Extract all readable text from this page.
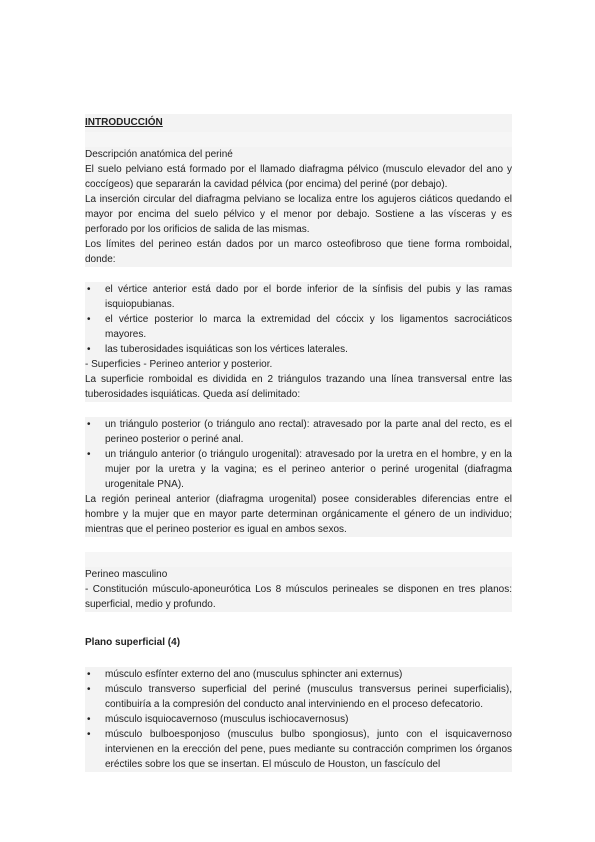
INTRODUCCIÓN
Descripción anatómica del periné
El suelo pelviano está formado por el llamado diafragma pélvico (musculo elevador del ano y coccígeos) que separarán la cavidad pélvica (por encima) del periné (por debajo).
La inserción circular del diafragma pelviano se localiza entre los agujeros ciáticos quedando el mayor por encima del suelo pélvico y el menor por debajo. Sostiene a las vísceras y es perforado por los orificios de salida de las mismas.
Los límites del perineo están dados por un marco osteofibroso que tiene forma romboidal, donde:
• el vértice anterior está dado por el borde inferior de la sínfisis del pubis y las ramas isquiopubianas.
• el vértice posterior lo marca la extremidad del cóccix y los ligamentos sacrociáticos mayores.
• las tuberosidades isquiáticas son los vértices laterales.
- Superficies - Perineo anterior y posterior.
La superficie romboidal es dividida en 2 triángulos trazando una línea transversal entre las tuberosidades isquiáticas. Queda así delimitado:
• un triángulo posterior (o triángulo ano rectal): atravesado por la parte anal del recto, es el perineo posterior o periné anal.
• un triángulo anterior (o triángulo urogenital): atravesado por la uretra en el hombre, y en la mujer por la uretra y la vagina; es el perineo anterior o periné urogenital (diafragma urogenitale PNA).
La región perineal anterior (diafragma urogenital) posee considerables diferencias entre el hombre y la mujer que en mayor parte determinan orgánicamente el género de un individuo; mientras que el perineo posterior es igual en ambos sexos.
Perineo masculino
- Constitución músculo-aponeurótica Los 8 músculos perineales se disponen en tres planos: superficial, medio y profundo.
Plano superficial (4)
• músculo esfínter externo del ano (musculus sphincter ani externus)
• músculo transverso superficial del periné (musculus transversus perinei superficialis), contibuiría a la compresión del conducto anal interviniendo en el proceso defecatorio.
• músculo isquiocavernoso (musculus ischiocavernosus)
• músculo bulboesponjoso (musculus bulbo spongiosus), junto con el isquicavernoso intervienen en la erección del pene, pues mediante su contracción comprimen los órganos eréctiles sobre los que se insertan. El músculo de Houston, un fascículo del
